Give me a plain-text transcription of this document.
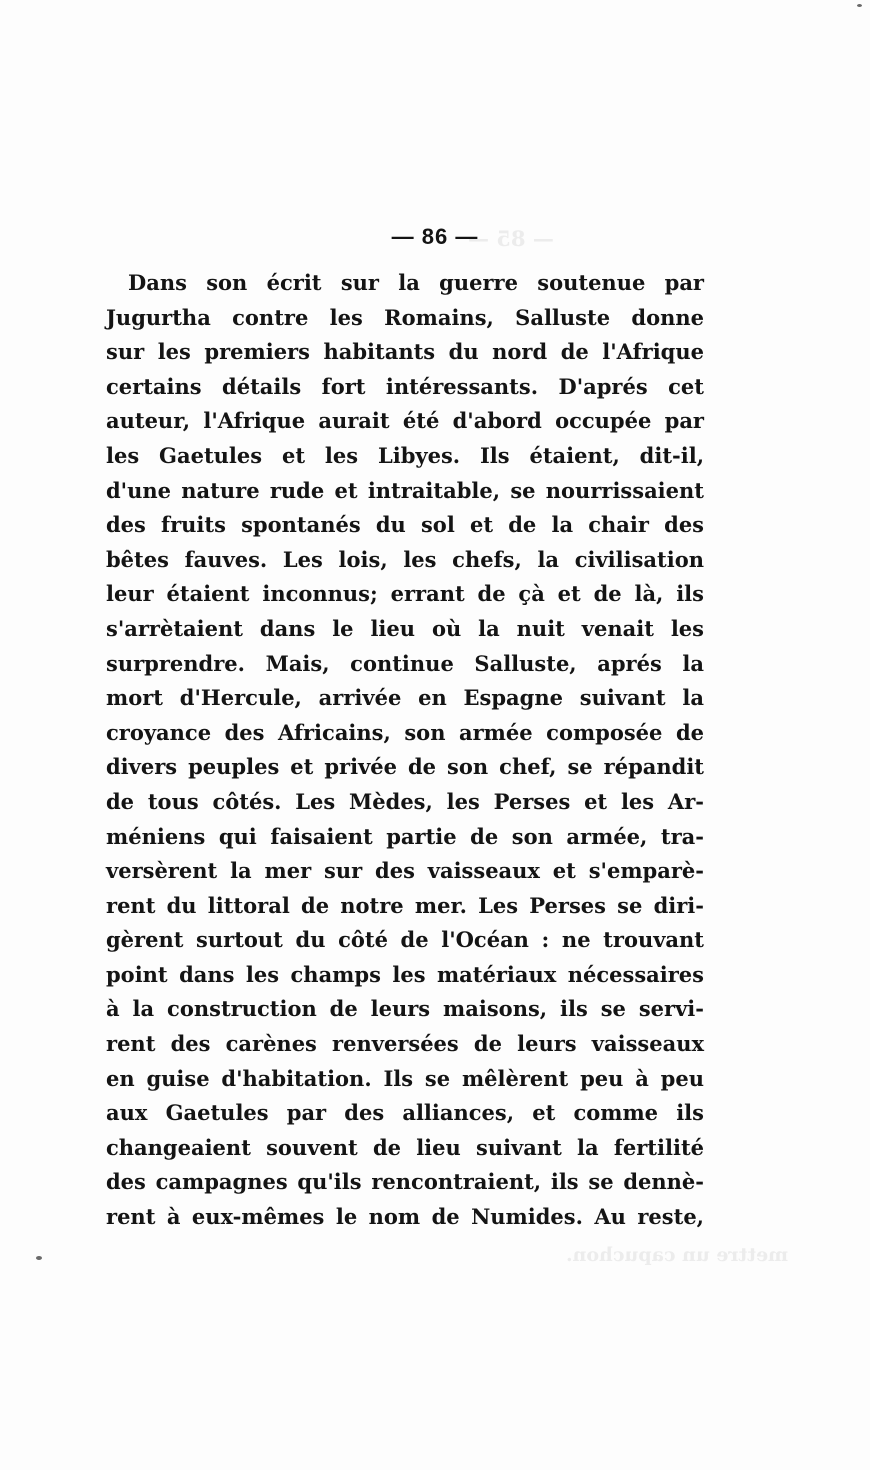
— 85 —
mettre un capuchon.
— 86 —
Dans son écrit sur la guerre soutenue par
Jugurtha contre les Romains, Salluste donne
sur les premiers habitants du nord de l'Afrique
certains détails fort intéressants. D'aprés cet
auteur, l'Afrique aurait été d'abord occupée par
les Gaetules et les Libyes. Ils étaient, dit-il,
d'une nature rude et intraitable, se nourrissaient
des fruits spontanés du sol et de la chair des
bêtes fauves. Les lois, les chefs, la civilisation
leur étaient inconnus; errant de çà et de là, ils
s'arrètaient dans le lieu où la nuit venait les
surprendre. Mais, continue Salluste, aprés la
mort d'Hercule, arrivée en Espagne suivant la
croyance des Africains, son armée composée de
divers peuples et privée de son chef, se répandit
de tous côtés. Les Mèdes, les Perses et les Ar-
méniens qui faisaient partie de son armée, tra-
versèrent la mer sur des vaisseaux et s'emparè-
rent du littoral de notre mer. Les Perses se diri-
gèrent surtout du côté de l'Océan : ne trouvant
point dans les champs les matériaux nécessaires
à la construction de leurs maisons, ils se servi-
rent des carènes renversées de leurs vaisseaux
en guise d'habitation. Ils se mêlèrent peu à peu
aux Gaetules par des alliances, et comme ils
changeaient souvent de lieu suivant la fertilité
des campagnes qu'ils rencontraient, ils se dennè-
rent à eux-mêmes le nom de Numides. Au reste,
